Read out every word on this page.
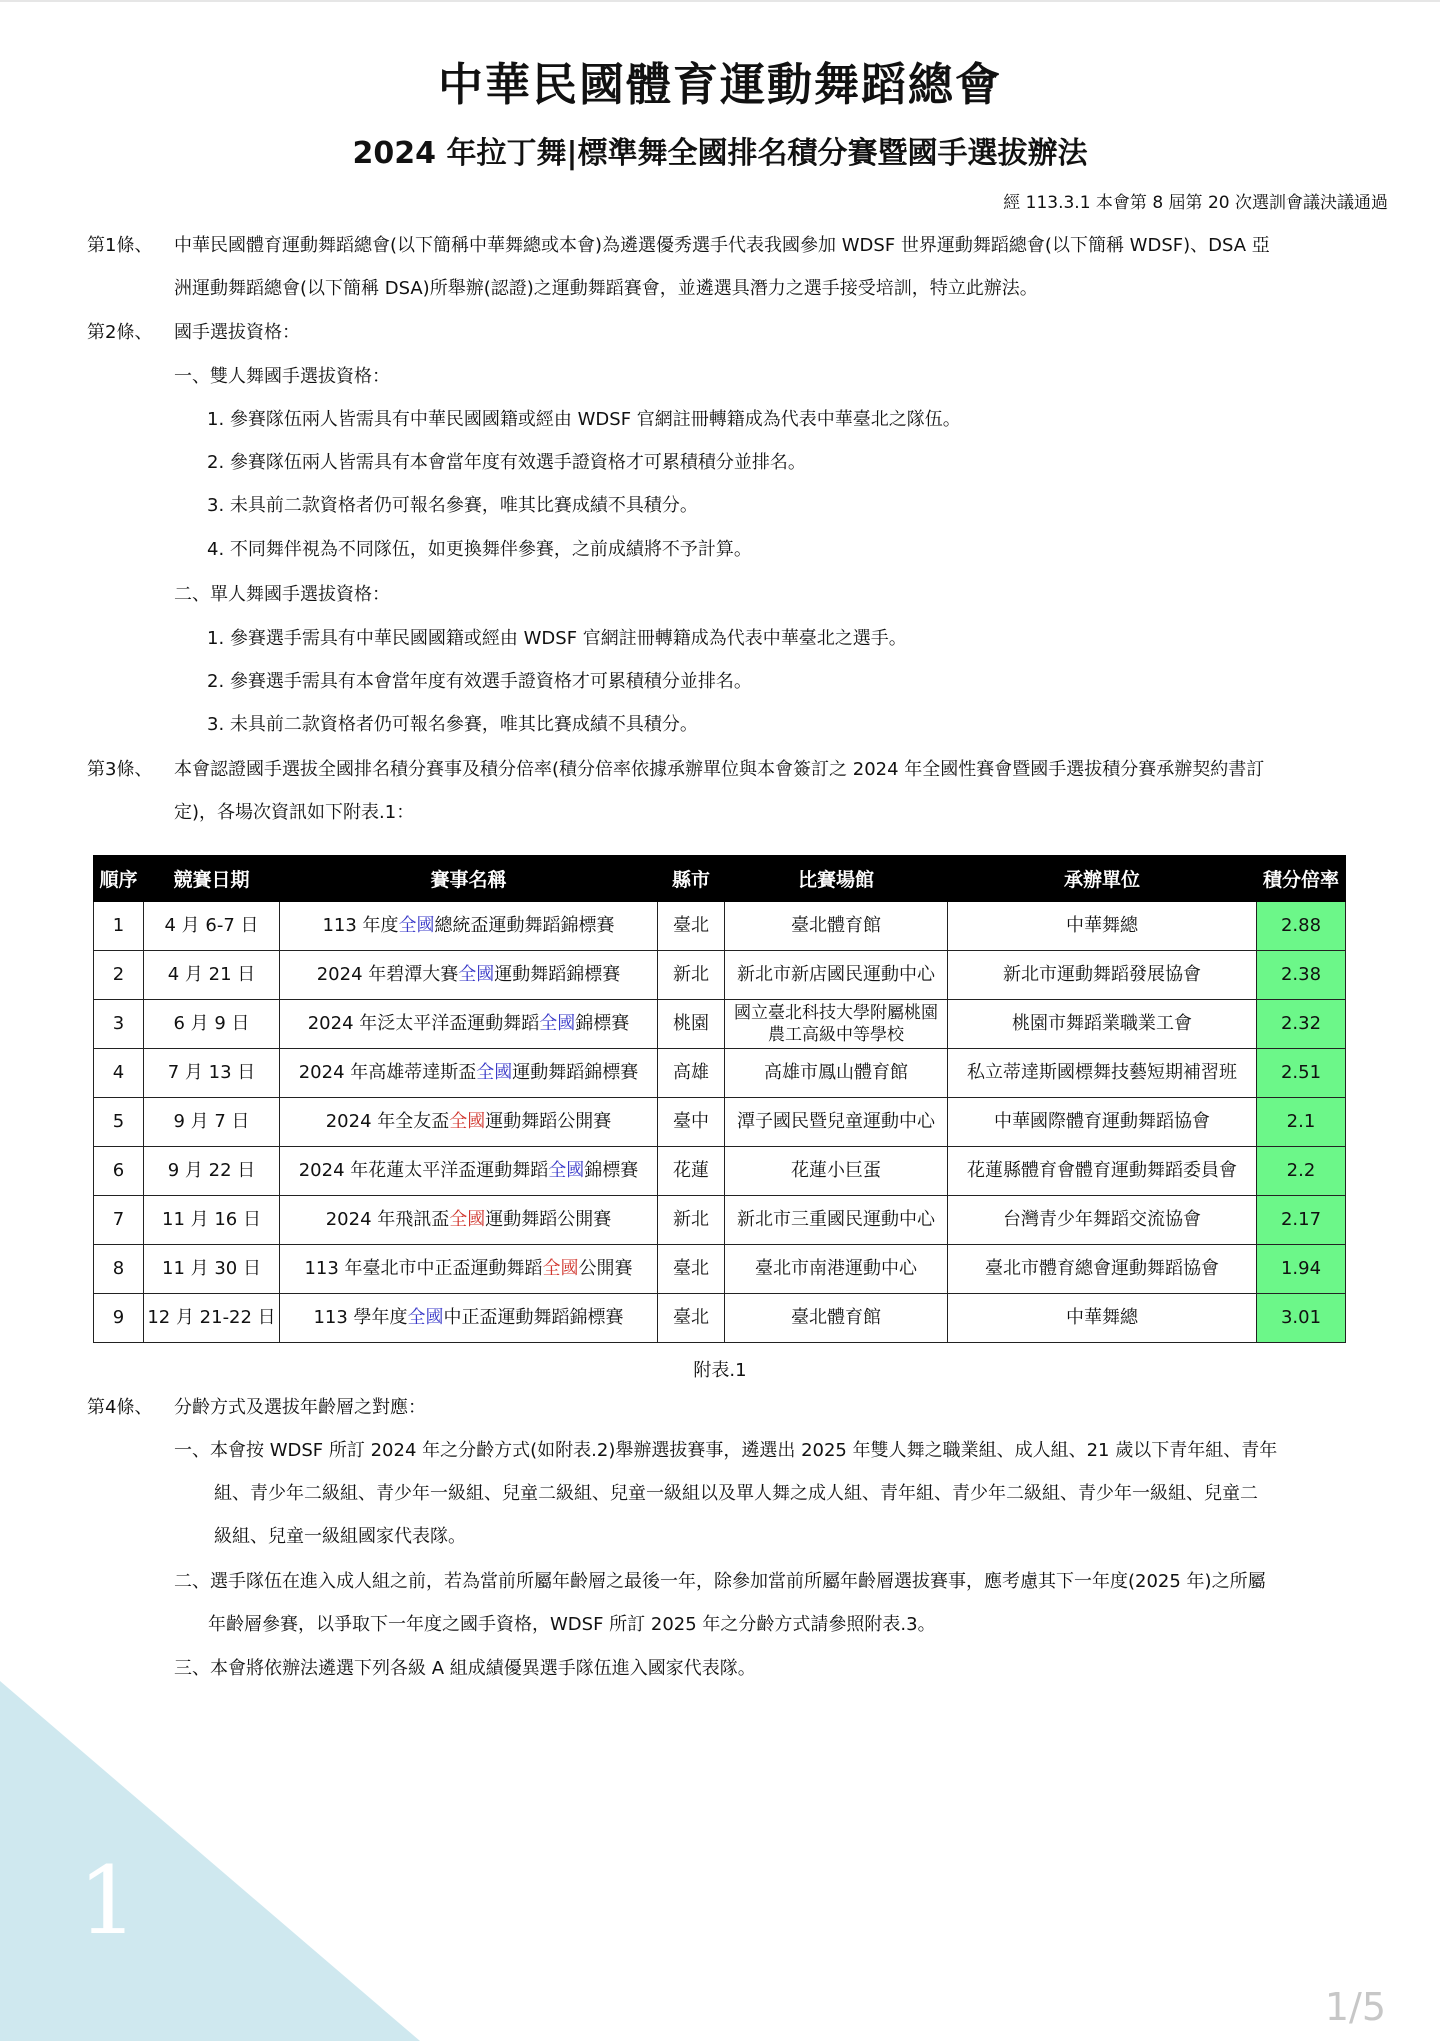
1
1/5
中華民國體育運動舞蹈總會
2024 年拉丁舞|標準舞全國排名積分賽暨國手選拔辦法
經 113.3.1 本會第 8 屆第 20 次選訓會議決議通過
第1條、 中華民國體育運動舞蹈總會(以下簡稱中華舞總或本會)為遴選優秀選手代表我國參加 WDSF 世界運動舞蹈總會(以下簡稱 WDSF)、DSA 亞
洲運動舞蹈總會(以下簡稱 DSA)所舉辦(認證)之運動舞蹈賽會，並遴選具潛力之選手接受培訓，特立此辦法。
第2條、 國手選拔資格：
一、雙人舞國手選拔資格：
1. 參賽隊伍兩人皆需具有中華民國國籍或經由 WDSF 官網註冊轉籍成為代表中華臺北之隊伍。
2. 參賽隊伍兩人皆需具有本會當年度有效選手證資格才可累積積分並排名。
3. 未具前二款資格者仍可報名參賽，唯其比賽成績不具積分。
4. 不同舞伴視為不同隊伍，如更換舞伴參賽，之前成績將不予計算。
二、單人舞國手選拔資格：
1. 參賽選手需具有中華民國國籍或經由 WDSF 官網註冊轉籍成為代表中華臺北之選手。
2. 參賽選手需具有本會當年度有效選手證資格才可累積積分並排名。
3. 未具前二款資格者仍可報名參賽，唯其比賽成績不具積分。
第3條、 本會認證國手選拔全國排名積分賽事及積分倍率(積分倍率依據承辦單位與本會簽訂之 2024 年全國性賽會暨國手選拔積分賽承辦契約書訂
定)，各場次資訊如下附表.1：
順序	競賽日期	賽事名稱	縣市	比賽場館	承辦單位	積分倍率
1	4 月 6-7 日	113 年度全國總統盃運動舞蹈錦標賽	臺北	臺北體育館	中華舞總	2.88
2	4 月 21 日	2024 年碧潭大賽全國運動舞蹈錦標賽	新北	新北市新店國民運動中心	新北市運動舞蹈發展協會	2.38
3	6 月 9 日	2024 年泛太平洋盃運動舞蹈全國錦標賽	桃園	國立臺北科技大學附屬桃園農工高級中等學校	桃園市舞蹈業職業工會	2.32
4	7 月 13 日	2024 年高雄蒂達斯盃全國運動舞蹈錦標賽	高雄	高雄市鳳山體育館	私立蒂達斯國標舞技藝短期補習班	2.51
5	9 月 7 日	2024 年全友盃全國運動舞蹈公開賽	臺中	潭子國民暨兒童運動中心	中華國際體育運動舞蹈協會	2.1
6	9 月 22 日	2024 年花蓮太平洋盃運動舞蹈全國錦標賽	花蓮	花蓮小巨蛋	花蓮縣體育會體育運動舞蹈委員會	2.2
7	11 月 16 日	2024 年飛訊盃全國運動舞蹈公開賽	新北	新北市三重國民運動中心	台灣青少年舞蹈交流協會	2.17
8	11 月 30 日	113 年臺北市中正盃運動舞蹈全國公開賽	臺北	臺北市南港運動中心	臺北市體育總會運動舞蹈協會	1.94
9	12 月 21-22 日	113 學年度全國中正盃運動舞蹈錦標賽	臺北	臺北體育館	中華舞總	3.01
附表.1
第4條、 分齡方式及選拔年齡層之對應：
一、本會按 WDSF 所訂 2024 年之分齡方式(如附表.2)舉辦選拔賽事，遴選出 2025 年雙人舞之職業組、成人組、21 歲以下青年組、青年
組、青少年二級組、青少年一級組、兒童二級組、兒童一級組以及單人舞之成人組、青年組、青少年二級組、青少年一級組、兒童二
級組、兒童一級組國家代表隊。
二、選手隊伍在進入成人組之前，若為當前所屬年齡層之最後一年，除參加當前所屬年齡層選拔賽事，應考慮其下一年度(2025 年)之所屬
年齡層參賽，以爭取下一年度之國手資格，WDSF 所訂 2025 年之分齡方式請參照附表.3。
三、本會將依辦法遴選下列各級 A 組成績優異選手隊伍進入國家代表隊。
